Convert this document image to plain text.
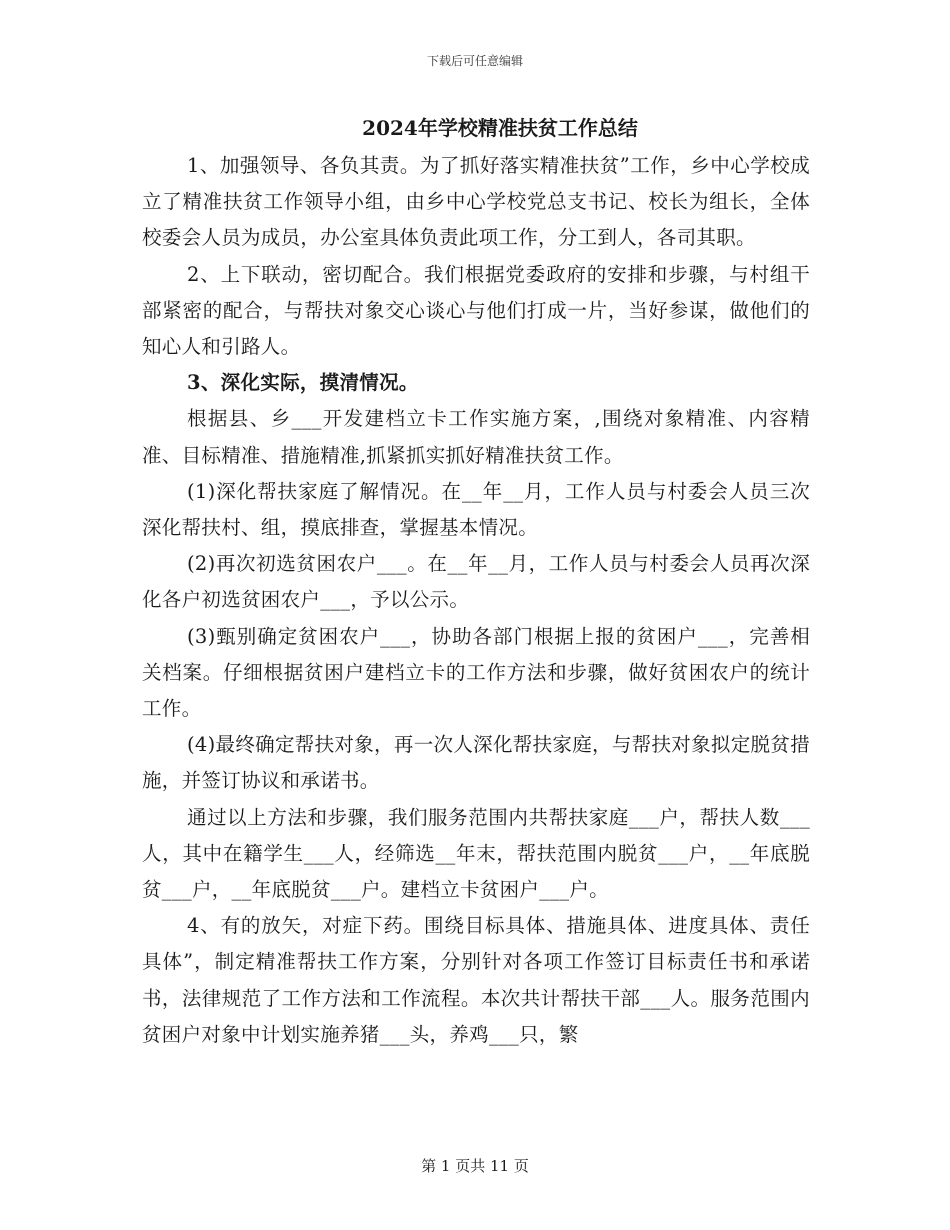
下载后可任意编辑
2024年学校精准扶贫工作总结

1、加强领导、各负其责。为了抓好落实精准扶贫”工作，乡中心学校成立了精准扶贫工作领导小组，由乡中心学校党总支书记、校长为组长，全体校委会人员为成员，办公室具体负责此项工作，分工到人，各司其职。

2、上下联动，密切配合。我们根据党委政府的安排和步骤，与村组干部紧密的配合，与帮扶对象交心谈心与他们打成一片，当好参谋，做他们的知心人和引路人。

3、深化实际，摸清情况。

根据县、乡___开发建档立卡工作实施方案，,围绕对象精准、内容精准、目标精准、措施精准,抓紧抓实抓好精准扶贫工作。

(1)深化帮扶家庭了解情况。在__年__月，工作人员与村委会人员三次深化帮扶村、组，摸底排查，掌握基本情况。

(2)再次初选贫困农户___。在__年__月，工作人员与村委会人员再次深化各户初选贫困农户___，予以公示。

(3)甄别确定贫困农户___，协助各部门根据上报的贫困户___，完善相关档案。仔细根据贫困户建档立卡的工作方法和步骤，做好贫困农户的统计工作。

(4)最终确定帮扶对象，再一次人深化帮扶家庭，与帮扶对象拟定脱贫措施，并签订协议和承诺书。

通过以上方法和步骤，我们服务范围内共帮扶家庭___户，帮扶人数___人，其中在籍学生___人，经筛选__年末，帮扶范围内脱贫___户，__年底脱贫___户，__年底脱贫___户。建档立卡贫困户___户。

4、有的放矢，对症下药。围绕目标具体、措施具体、进度具体、责任具体”，制定精准帮扶工作方案，分别针对各项工作签订目标责任书和承诺书，法律规范了工作方法和工作流程。本次共计帮扶干部___人。服务范围内贫困户对象中计划实施养猪___头，养鸡___只，繁

第 1 页共 11 页
